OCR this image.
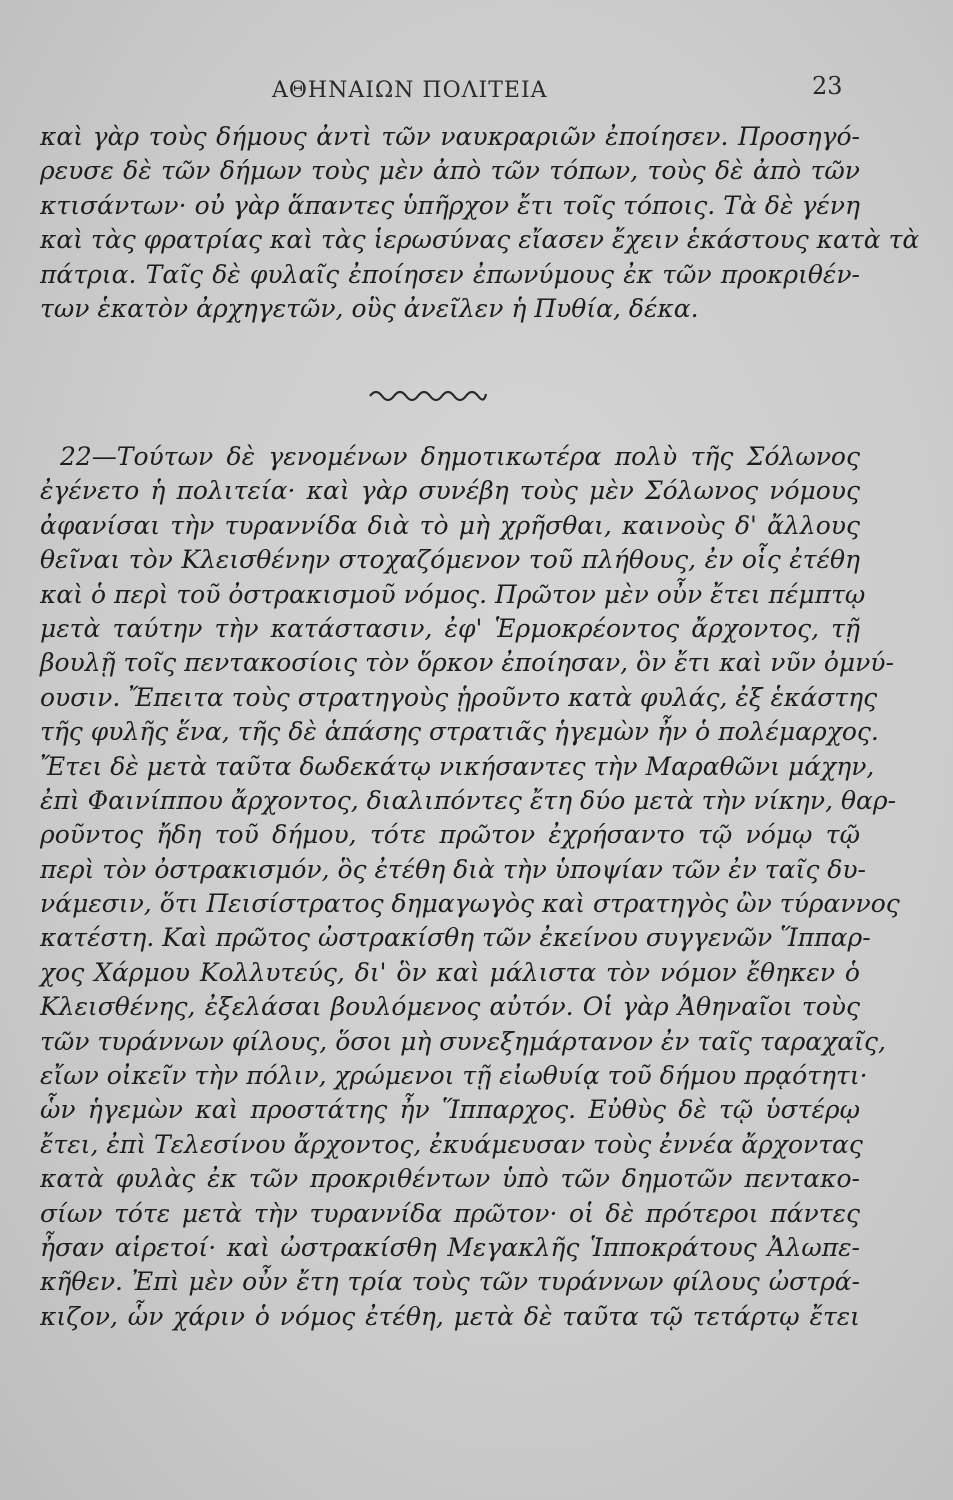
ΑΘΗΝΑΙΩΝ ΠΟΛΙΤΕΙΑ	23
καὶ γὰρ τοὺς δήμους ἀντὶ τῶν ναυκραριῶν ἐποίησεν. Προσηγό-
ρευσε δὲ τῶν δήμων τοὺς μὲν ἀπὸ τῶν τόπων, τοὺς δὲ ἀπὸ τῶν
κτισάντων· οὐ γὰρ ἅπαντες ὑπῆρχον ἔτι τοῖς τόποις. Τὰ δὲ γένη
καὶ τὰς φρατρίας καὶ τὰς ἱερωσύνας εἴασεν ἔχειν ἑκάστους κατὰ τὰ
πάτρια. Ταῖς δὲ φυλαῖς ἐποίησεν ἐπωνύμους ἐκ τῶν προκριθέν-
των ἑκατὸν ἀρχηγετῶν, οὓς ἀνεῖλεν ἡ Πυθία, δέκα.
22—Τούτων δὲ γενομένων δημοτικωτέρα πολὺ τῆς Σόλωνος
ἐγένετο ἡ πολιτεία· καὶ γὰρ συνέβη τοὺς μὲν Σόλωνος νόμους
ἀφανίσαι τὴν τυραννίδα διὰ τὸ μὴ χρῆσθαι, καινοὺς δ' ἄλλους
θεῖναι τὸν Κλεισθένην στοχαζόμενον τοῦ πλήθους, ἐν οἷς ἐτέθη
καὶ ὁ περὶ τοῦ ὀστρακισμοῦ νόμος. Πρῶτον μὲν οὖν ἔτει πέμπτῳ
μετὰ ταύτην τὴν κατάστασιν, ἐφ' Ἑρμοκρέοντος ἄρχοντος, τῇ
βουλῇ τοῖς πεντακοσίοις τὸν ὅρκον ἐποίησαν, ὃν ἔτι καὶ νῦν ὀμνύ-
ουσιν. Ἔπειτα τοὺς στρατηγοὺς ᾑροῦντο κατὰ φυλάς, ἐξ ἑκάστης
τῆς φυλῆς ἕνα, τῆς δὲ ἁπάσης στρατιᾶς ἡγεμὼν ἦν ὁ πολέμαρχος.
Ἔτει δὲ μετὰ ταῦτα δωδεκάτῳ νικήσαντες τὴν Μαραθῶνι μάχην,
ἐπὶ Φαινίππου ἄρχοντος, διαλιπόντες ἔτη δύο μετὰ τὴν νίκην, θαρ-
ροῦντος ἤδη τοῦ δήμου, τότε πρῶτον ἐχρήσαντο τῷ νόμῳ τῷ
περὶ τὸν ὀστρακισμόν, ὃς ἐτέθη διὰ τὴν ὑποψίαν τῶν ἐν ταῖς δυ-
νάμεσιν, ὅτι Πεισίστρατος δημαγωγὸς καὶ στρατηγὸς ὢν τύραννος
κατέστη. Καὶ πρῶτος ὠστρακίσθη τῶν ἐκείνου συγγενῶν Ἵππαρ-
χος Χάρμου Κολλυτεύς, δι' ὃν καὶ μάλιστα τὸν νόμον ἔθηκεν ὁ
Κλεισθένης, ἐξελάσαι βουλόμενος αὐτόν. Οἱ γὰρ Ἀθηναῖοι τοὺς
τῶν τυράννων φίλους, ὅσοι μὴ συνεξημάρτανον ἐν ταῖς ταραχαῖς,
εἴων οἰκεῖν τὴν πόλιν, χρώμενοι τῇ εἰωθυίᾳ τοῦ δήμου πρᾳότητι·
ὧν ἡγεμὼν καὶ προστάτης ἦν Ἵππαρχος. Εὐθὺς δὲ τῷ ὑστέρῳ
ἔτει, ἐπὶ Τελεσίνου ἄρχοντος, ἐκυάμευσαν τοὺς ἐννέα ἄρχοντας
κατὰ φυλὰς ἐκ τῶν προκριθέντων ὑπὸ τῶν δημοτῶν πεντακο-
σίων τότε μετὰ τὴν τυραννίδα πρῶτον· οἱ δὲ πρότεροι πάντες
ἦσαν αἱρετοί· καὶ ὠστρακίσθη Μεγακλῆς Ἱπποκράτους Ἀλωπε-
κῆθεν. Ἐπὶ μὲν οὖν ἔτη τρία τοὺς τῶν τυράννων φίλους ὠστρά-
κιζον, ὧν χάριν ὁ νόμος ἐτέθη, μετὰ δὲ ταῦτα τῷ τετάρτῳ ἔτει
